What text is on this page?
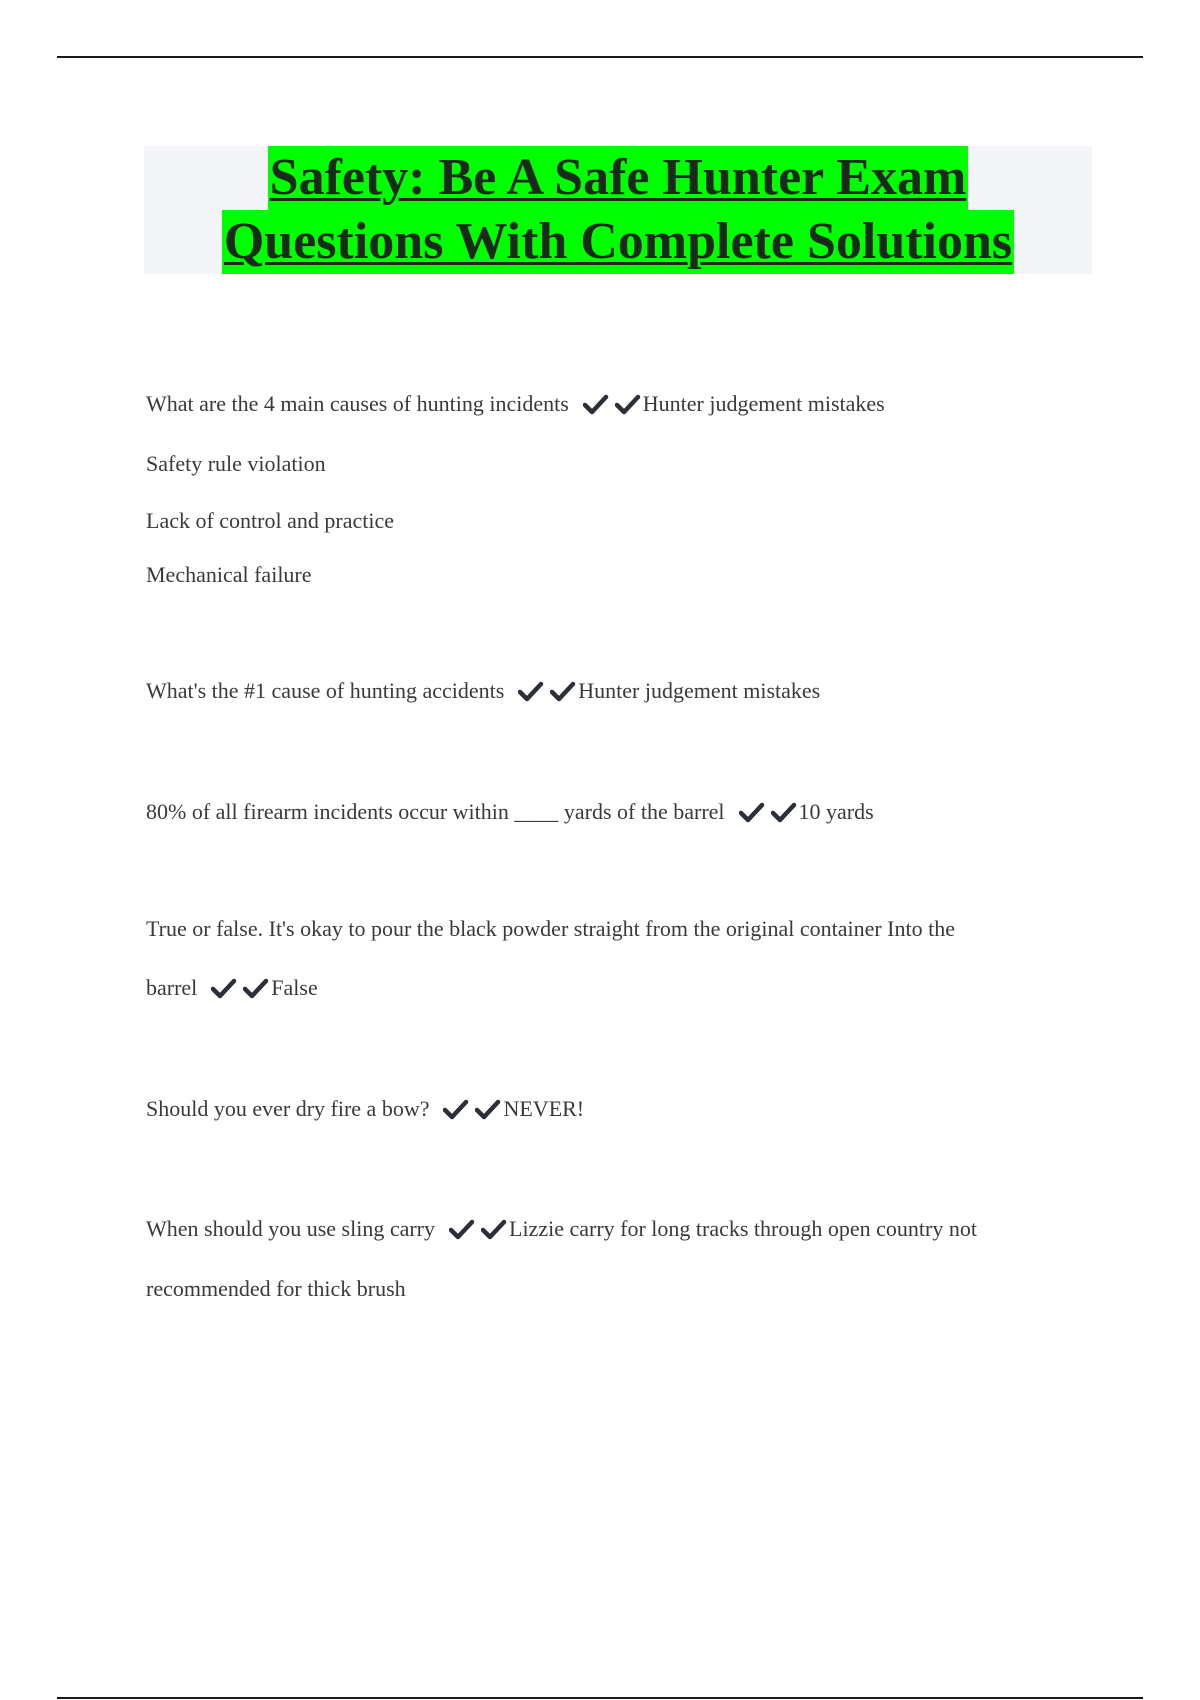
Safety: Be A Safe Hunter Exam
Questions With Complete Solutions
What are the 4 main causes of hunting incidents	Hunter judgement mistakes
Safety rule violation
Lack of control and practice
Mechanical failure
What's the #1 cause of hunting accidents	Hunter judgement mistakes
80% of all firearm incidents occur within ____ yards of the barrel	10 yards
True or false. It's okay to pour the black powder straight from the original container Into the
barrel	False
Should you ever dry fire a bow?	NEVER!
When should you use sling carry	Lizzie carry for long tracks through open country not
recommended for thick brush
